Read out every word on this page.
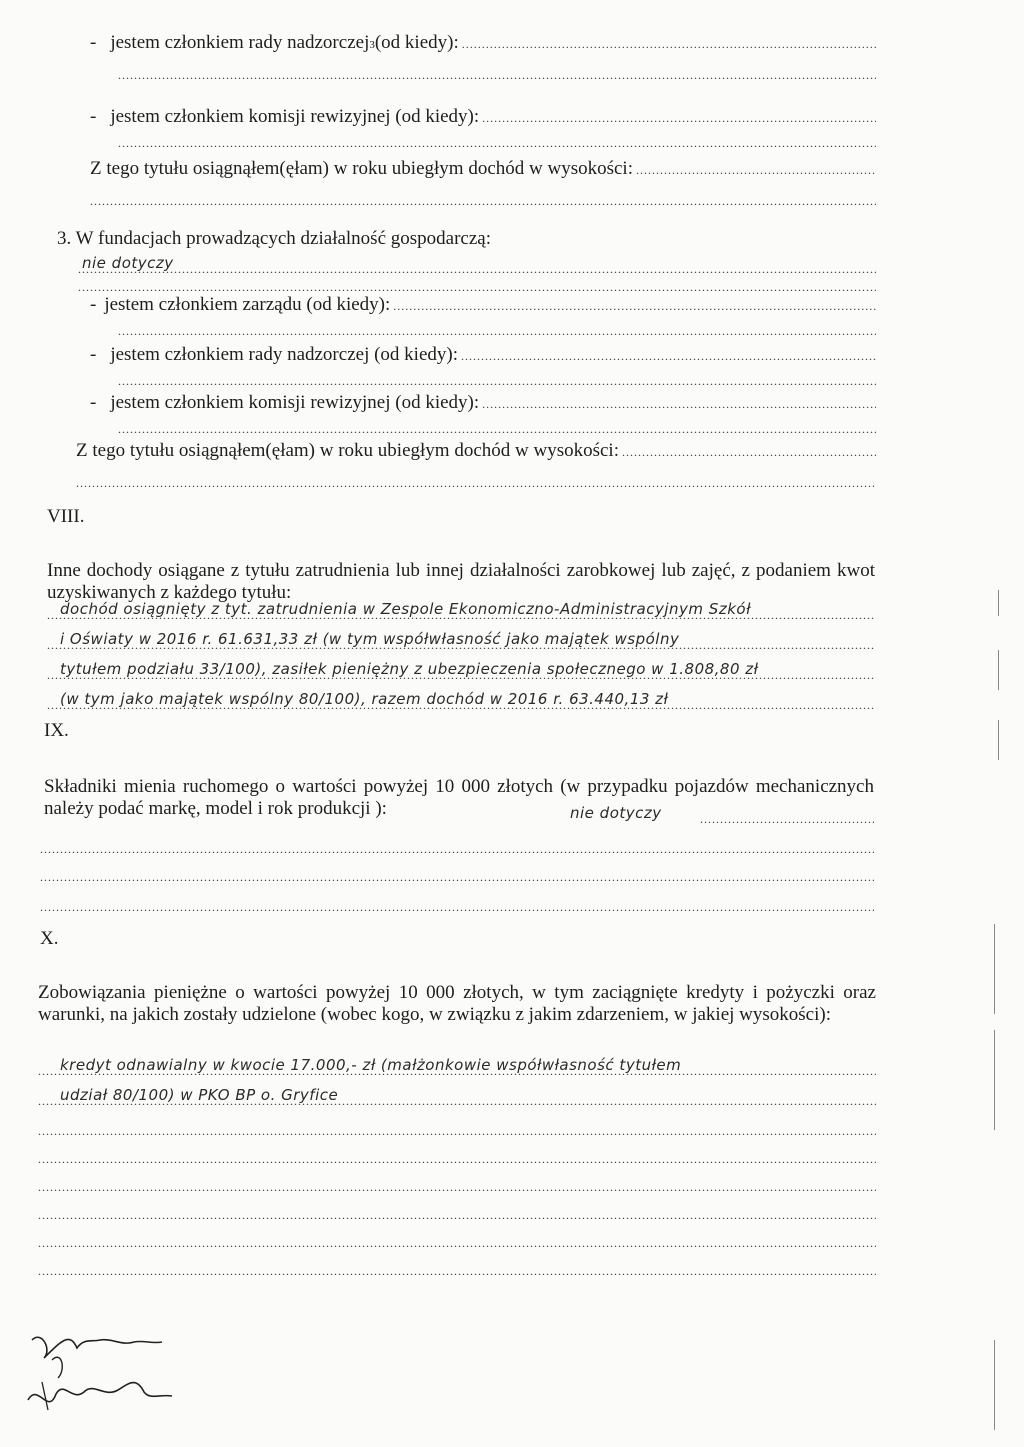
- jestem członkiem rady nadzorczej 3 (od kiedy):
.....
.....
- jestem członkiem komisji rewizyjnej (od kiedy):
.....
.....
Z tego tytułu osiągnąłem(ęłam) w roku ubiegłym dochód w wysokości:
.....
.....
3. W fundacjach prowadzących działalność gospodarczą:
nie dotyczy
.....
.....
- jestem członkiem zarządu (od kiedy):
.....
.....
- jestem członkiem rady nadzorczej (od kiedy):
.....
.....
- jestem członkiem komisji rewizyjnej (od kiedy):
.....
.....
Z tego tytułu osiągnąłem(ęłam) w roku ubiegłym dochód w wysokości:
.....
.....
VIII.
Inne dochody osiągane z tytułu zatrudnienia lub innej działalności zarobkowej lub zajęć, z podaniem kwot uzyskiwanych z każdego tytułu:
.....
dochód osiągnięty z tyt. zatrudnienia w Zespole Ekonomiczno-Administracyjnym Szkół
.....
i Oświaty w 2016 r. 61.631,33 zł (w tym współwłasność jako majątek wspólny
.....
tytułem podziału 33/100), zasiłek pieniężny z ubezpieczenia społecznego w 1.808,80 zł
.....
(w tym jako majątek wspólny 80/100), razem dochód w 2016 r. 63.440,13 zł
IX.
Składniki mienia ruchomego o wartości powyżej 10 000 złotych (w przypadku pojazdów mechanicznych należy podać markę, model i rok produkcji ):	nie dotyczy
.....
.....
.....
.....
X.
Zobowiązania pieniężne o wartości powyżej 10 000 złotych, w tym zaciągnięte kredyty i pożyczki oraz warunki, na jakich zostały udzielone (wobec kogo, w związku z jakim zdarzeniem, w jakiej wysokości):
kredyt odnawialny w kwocie 17.000,- zł (małżonkowie współwłasność tytułem
.....
udział 80/100) w PKO BP o. Gryfice
.....
.....
.....
.....
.....
.....
.....
